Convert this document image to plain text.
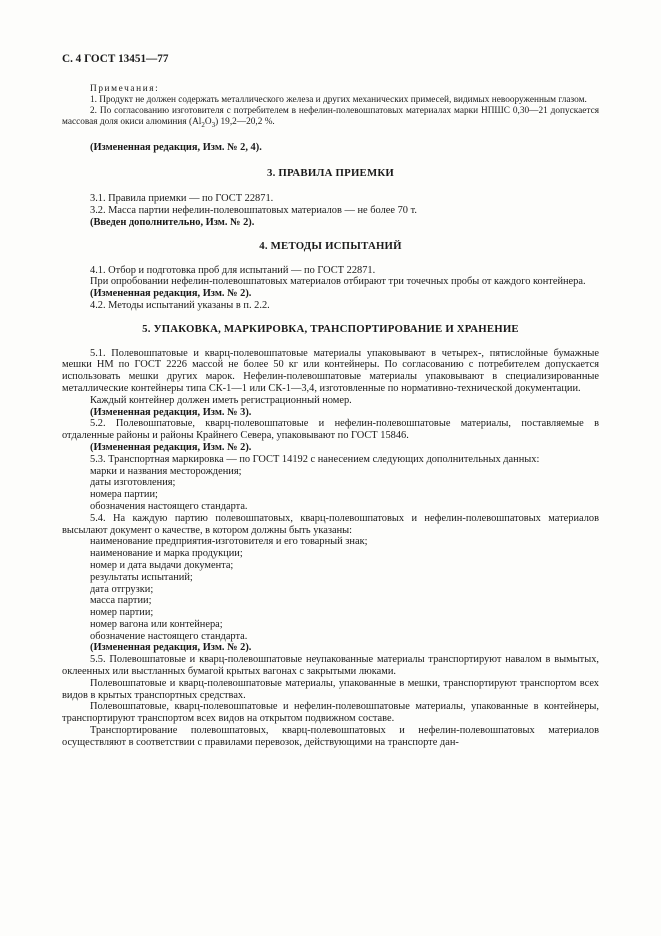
С. 4 ГОСТ 13451—77

Примечания:

1. Продукт не должен содержать металлического железа и других механических примесей, видимых невооруженным глазом.

2. По согласованию изготовителя с потребителем в нефелин-полевошпатовых материалах марки НПШС 0,30—21 допускается массовая доля окиси алюминия $(Al_2O_3)$ 19,2—20,2 %.

(Измененная редакция, Изм. № 2, 4).

3. ПРАВИЛА ПРИЕМКИ

3.1. Правила приемки — по ГОСТ 22871.

3.2. Масса партии нефелин-полевошпатовых материалов — не более 70 т.

(Введен дополнительно, Изм. № 2).

4. МЕТОДЫ ИСПЫТАНИЙ

4.1. Отбор и подготовка проб для испытаний — по ГОСТ 22871.

При опробовании нефелин-полевошпатовых материалов отбирают три точечных пробы от каждого контейнера.

(Измененная редакция, Изм. № 2).

4.2. Методы испытаний указаны в п. 2.2.

5. УПАКОВКА, МАРКИРОВКА, ТРАНСПОРТИРОВАНИЕ И ХРАНЕНИЕ

5.1. Полевошпатовые и кварц-полевошпатовые материалы упаковывают в четырех-, пятислойные бумажные мешки НМ по ГОСТ 2226 массой не более 50 кг или контейнеры. По согласованию с потребителем допускается использовать мешки других марок. Нефелин-полевошпатовые материалы упаковывают в специализированные металлические контейнеры типа СК-1—1 или СК-1—3,4, изготовленные по нормативно-технической документации.

Каждый контейнер должен иметь регистрационный номер.

(Измененная редакция, Изм. № 3).

5.2. Полевошпатовые, кварц-полевошпатовые и нефелин-полевошпатовые материалы, поставляемые в отдаленные районы и районы Крайнего Севера, упаковывают по ГОСТ 15846.

(Измененная редакция, Изм. № 2).

5.3. Транспортная маркировка — по ГОСТ 14192 с нанесением следующих дополнительных данных:

марки и названия месторождения;

даты изготовления;

номера партии;

обозначения настоящего стандарта.

5.4. На каждую партию полевошпатовых, кварц-полевошпатовых и нефелин-полевошпатовых материалов высылают документ о качестве, в котором должны быть указаны:

наименование предприятия-изготовителя и его товарный знак;

наименование и марка продукции;

номер и дата выдачи документа;

результаты испытаний;

дата отгрузки;

масса партии;

номер партии;

номер вагона или контейнера;

обозначение настоящего стандарта.

(Измененная редакция, Изм. № 2).

5.5. Полевошпатовые и кварц-полевошпатовые неупакованные материалы транспортируют навалом в вымытых, оклеенных или выстланных бумагой крытых вагонах с закрытыми люками.

Полевошпатовые и кварц-полевошпатовые материалы, упакованные в мешки, транспортируют транспортом всех видов в крытых транспортных средствах.

Полевошпатовые, кварц-полевошпатовые и нефелин-полевошпатовые материалы, упакованные в контейнеры, транспортируют транспортом всех видов на открытом подвижном составе.

Транспортирование полевошпатовых, кварц-полевошпатовых и нефелин-полевошпатовых материалов осуществляют в соответствии с правилами перевозок, действующими на транспорте дан-
